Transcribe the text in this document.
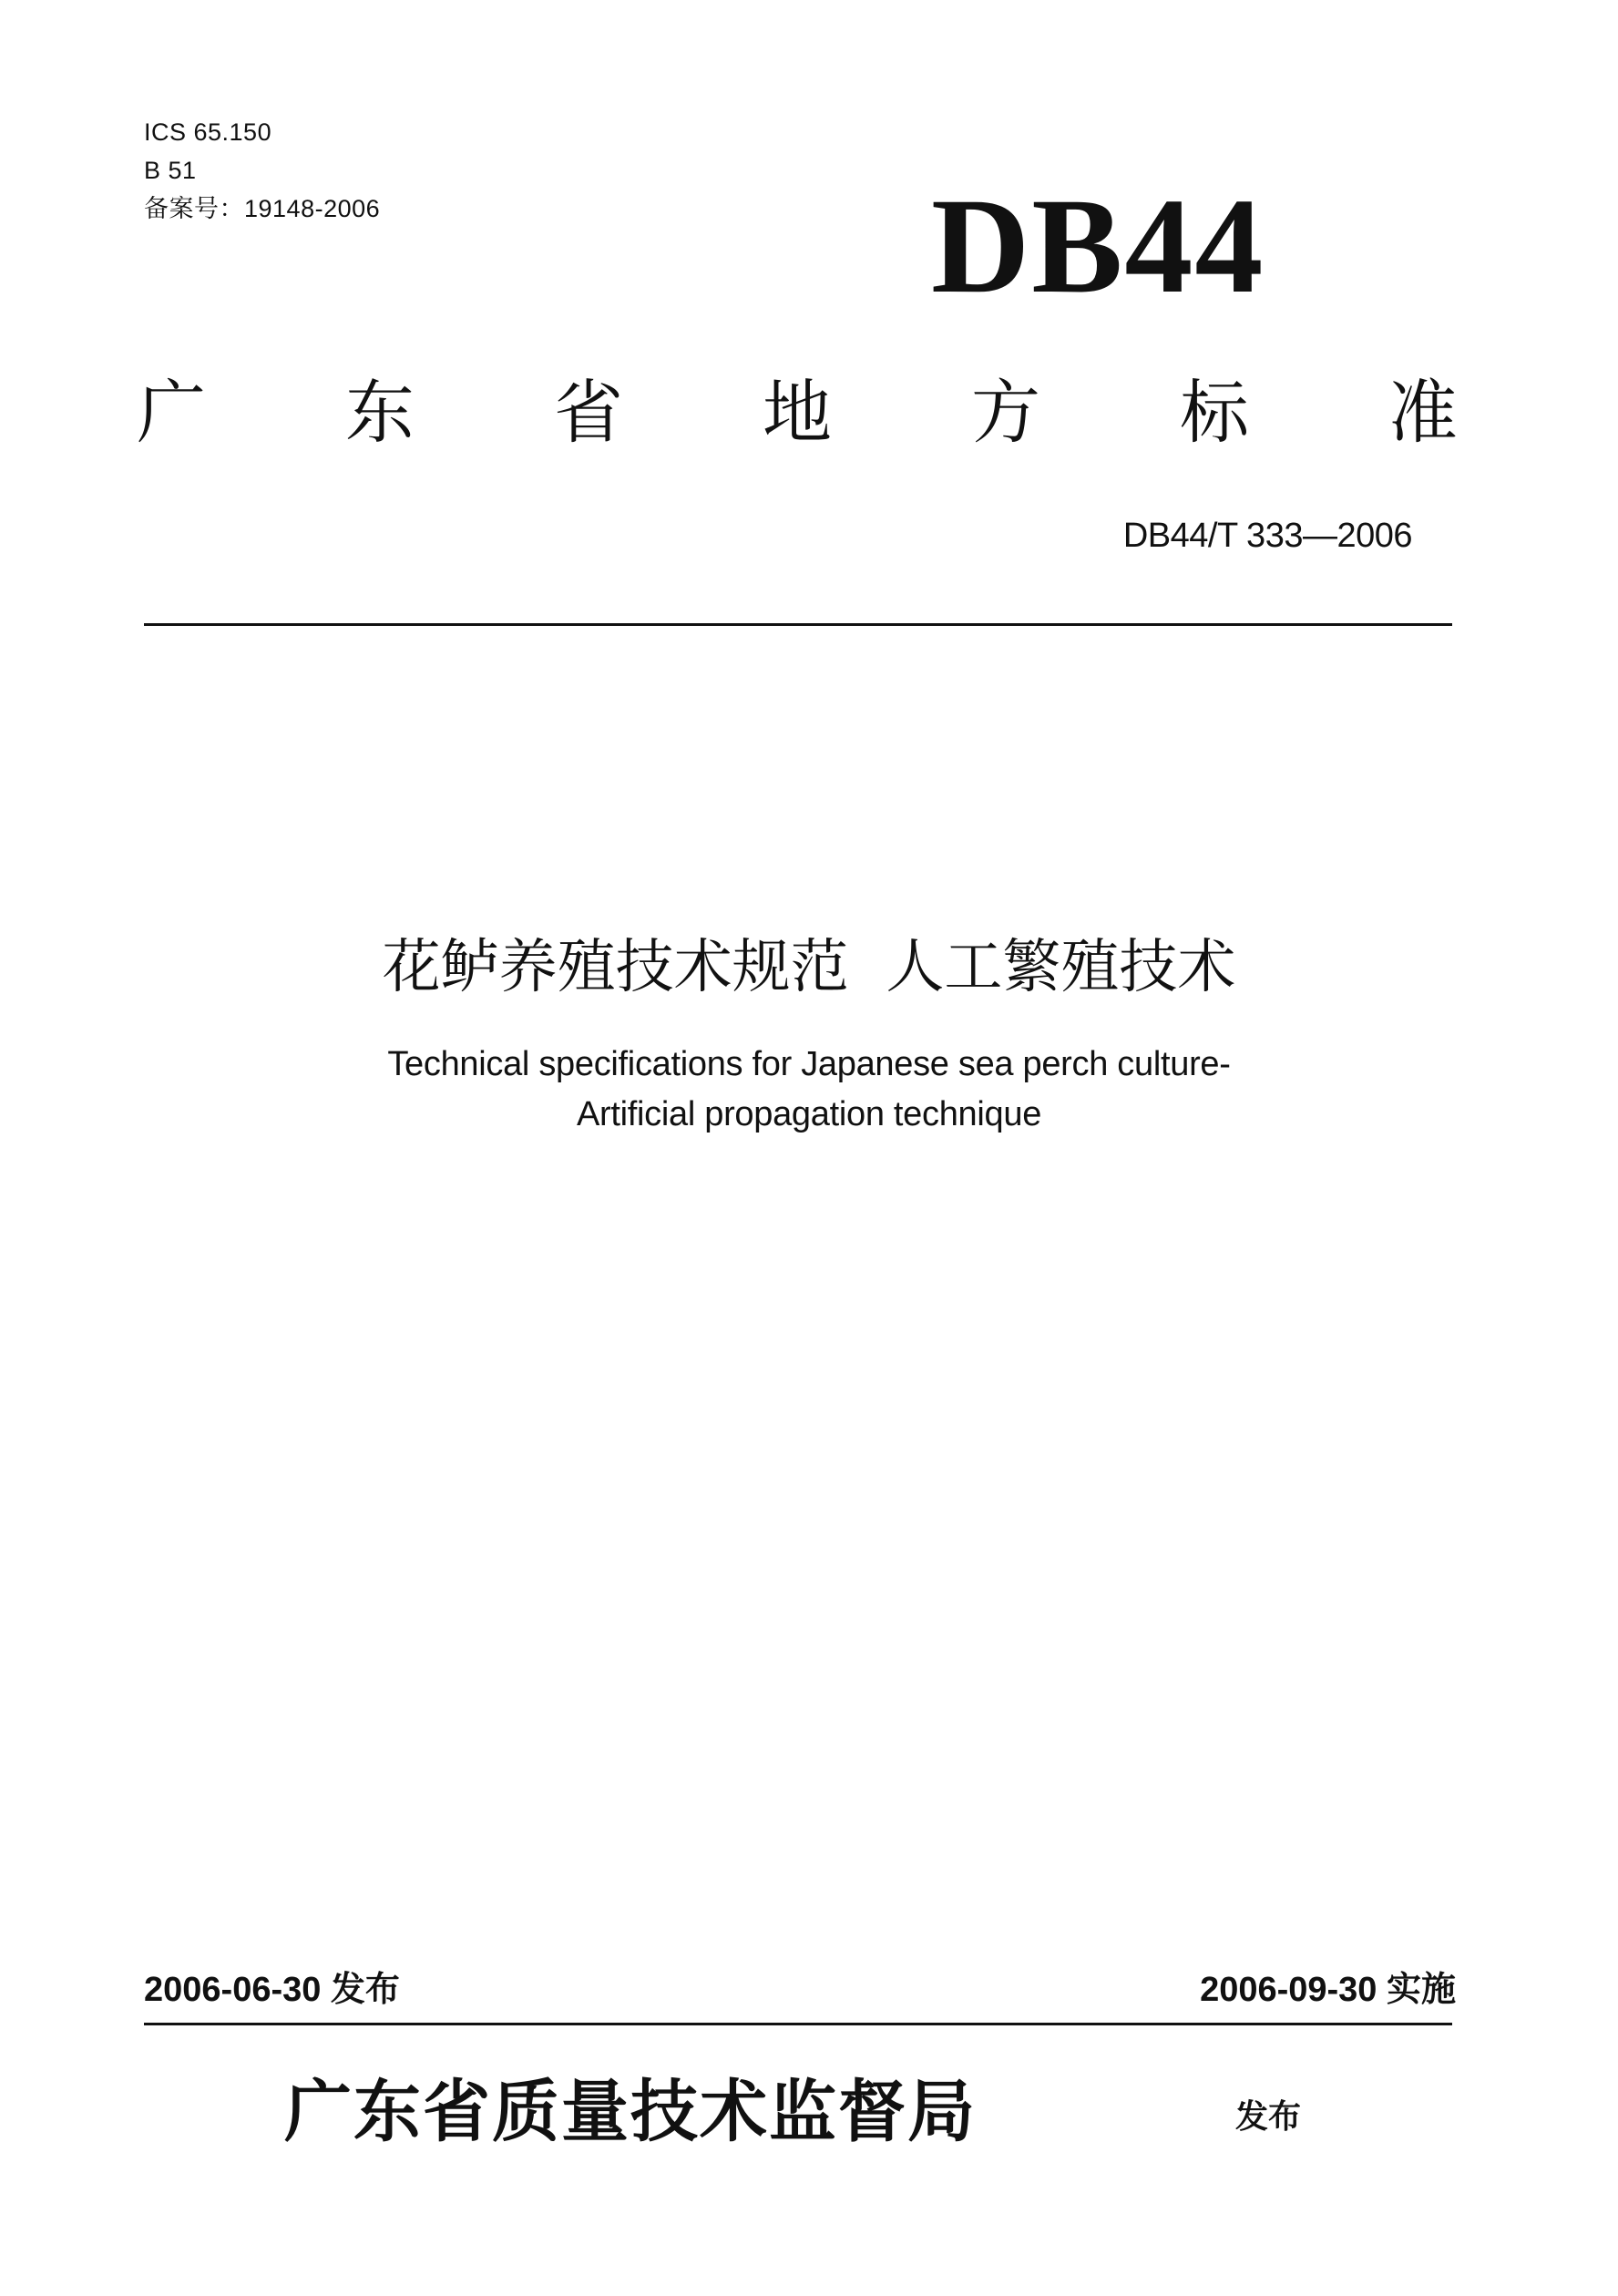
ICS 65.150
B 51
备案号：19148-2006	DB44
广 东 省 地 方 标 准
DB44/T 333—2006
花鲈养殖技术规范  人工繁殖技术
Technical specifications for Japanese sea perch culture-
Artificial propagation technique
2006-06-30 发布	2006-09-30 实施
广东省质量技术监督局	发布
